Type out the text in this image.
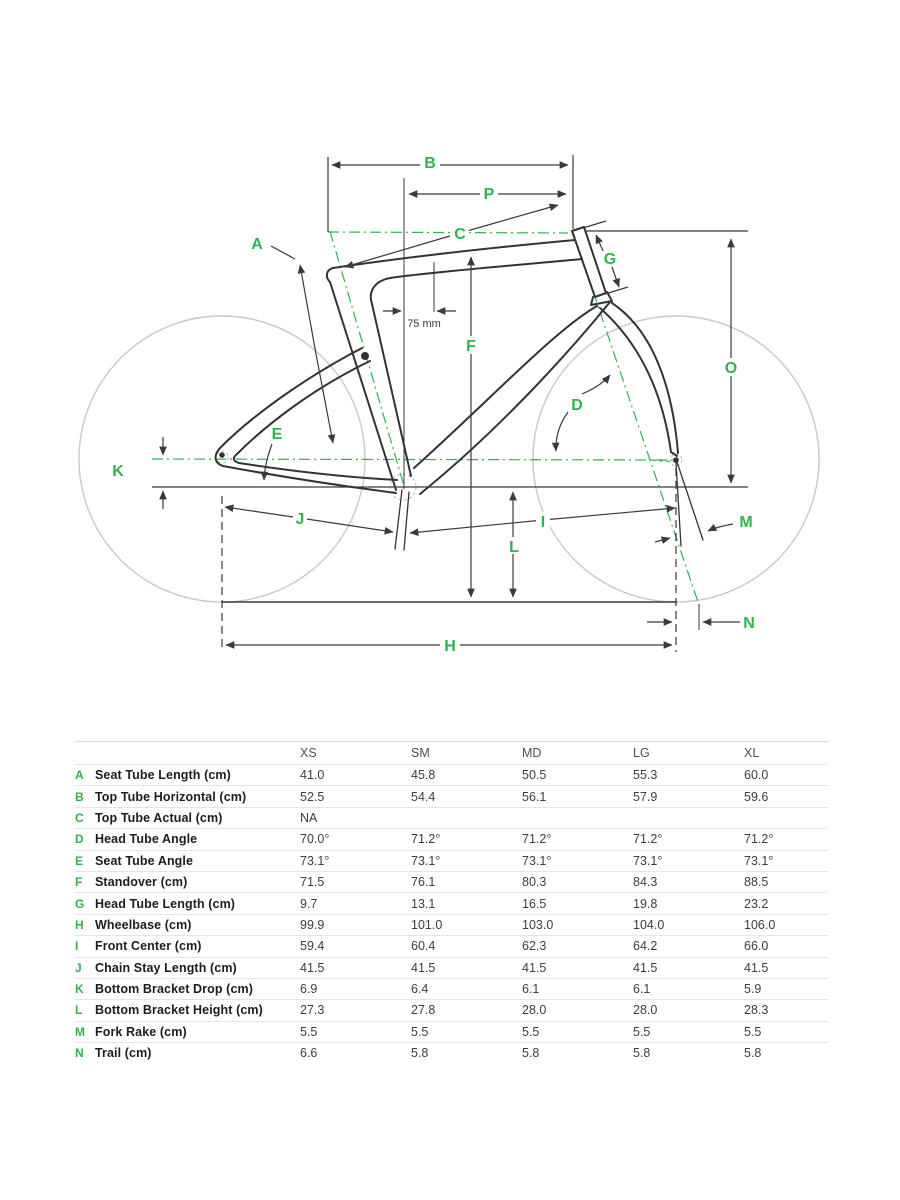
A
B
C
D
E
F
G
H
I
J
K
L
M
N
O
P
75 mm
XS	SM	MD	LG	XL
A Seat Tube Length (cm)	41.0	45.8	50.5	55.3	60.0
B Top Tube Horizontal (cm)	52.5	54.4	56.1	57.9	59.6
C Top Tube Actual (cm)	NA
D Head Tube Angle	70.0°	71.2°	71.2°	71.2°	71.2°
E Seat Tube Angle	73.1°	73.1°	73.1°	73.1°	73.1°
F	Standover (cm)	71.5	76.1	80.3	84.3	88.5
G Head Tube Length (cm)	9.7	13.1	16.5	19.8	23.2
H Wheelbase (cm)	99.9	101.0	103.0	104.0	106.0
I	Front Center (cm)	59.4	60.4	62.3	64.2	66.0
J	Chain Stay Length (cm)	41.5	41.5	41.5	41.5	41.5
K Bottom Bracket Drop (cm)	6.9	6.4	6.1	6.1	5.9
L	Bottom Bracket Height (cm)	27.3	27.8	28.0	28.0	28.3
M Fork Rake (cm)	5.5	5.5	5.5	5.5	5.5
N Trail (cm)	6.6	5.8	5.8	5.8	5.8
